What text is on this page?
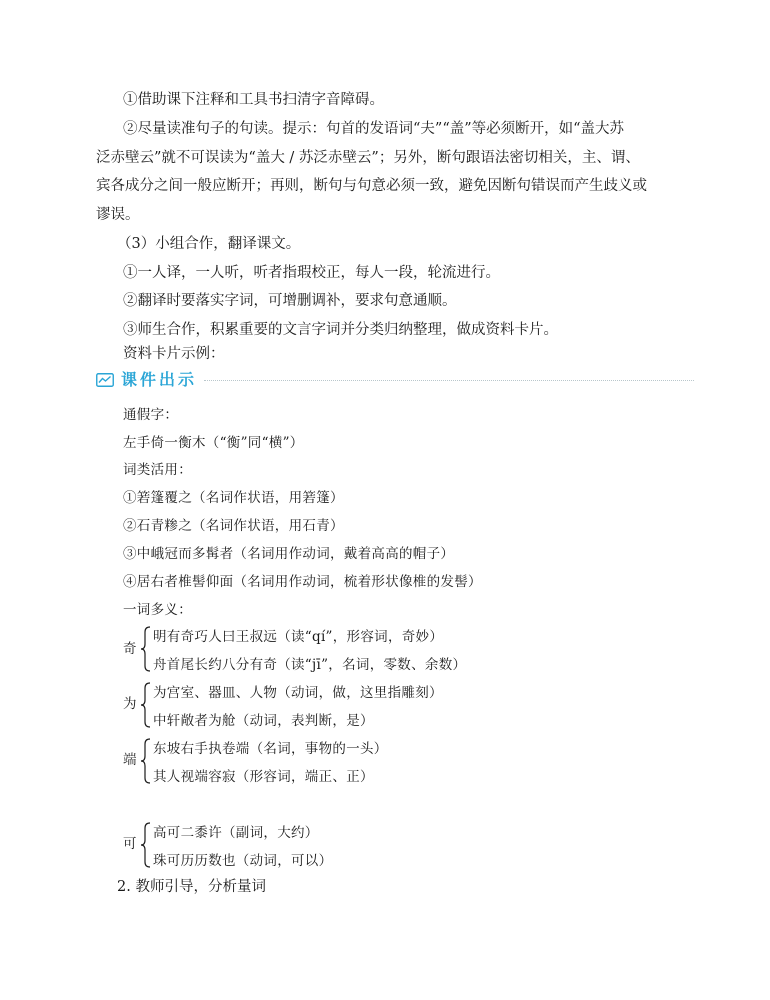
①借助课下注释和工具书扫清字音障碍。
②尽量读准句子的句读。提示：句首的发语词“夫”“盖”等必须断开，如“盖大苏
泛赤壁云”就不可误读为“盖大 / 苏泛赤壁云”；另外，断句跟语法密切相关，主、谓、
宾各成分之间一般应断开；再则，断句与句意必须一致，避免因断句错误而产生歧义或
谬误。
（3）小组合作，翻译课文。
①一人译，一人听，听者指瑕校正，每人一段，轮流进行。
②翻译时要落实字词，可增删调补，要求句意通顺。
③师生合作，积累重要的文言字词并分类归纳整理，做成资料卡片。
资料卡片示例：
课件出示
通假字：
左手倚一衡木（“衡”同“横”）
词类活用：
①箬篷覆之（名词作状语，用箬篷）
②石青糁之（名词作状语，用石青）
③中峨冠而多髯者（名词用作动词，戴着高高的帽子）
④居右者椎髻仰面（名词用作动词，梳着形状像椎的发髻）
一词多义：
奇
明有奇巧人曰王叔远（读“qí”，形容词，奇妙）
舟首尾长约八分有奇（读“jī”，名词，零数、余数）
为
为宫室、器皿、人物（动词，做，这里指雕刻）
中轩敞者为舱（动词，表判断，是）
端
东坡右手执卷端（名词，事物的一头）
其人视端容寂（形容词，端正、正）
可
高可二黍许（副词，大约）
珠可历历数也（动词，可以）
2. 教师引导，分析量词
